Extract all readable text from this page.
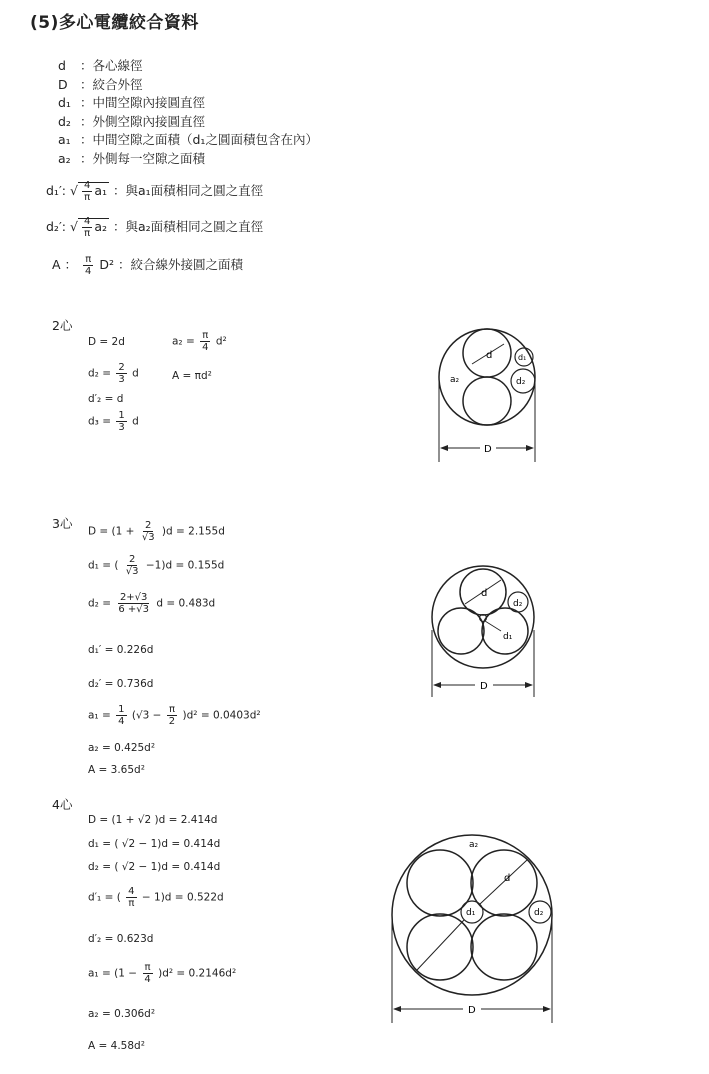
(5)多心電纜絞合資料
d ：各心線徑
D ：絞合外徑
d₁ ：中間空隙內接圓直徑
d₂ ：外側空隙內接圓直徑
a₁ ：中間空隙之面積（d₁之圓面積包含在內）
a₂ ：外側每一空隙之面積
d₁′: √ $\frac{4}{\pi} a_1$ ：與a₁面積相同之圓之直徑
d₂′: √ $\frac{4}{\pi} a_2$ ：與a₂面積相同之圓之直徑
A ： $\frac{\pi}{4} D^2$ ：絞合線外接圓之面積
2心
D = 2d	$a_2 = \frac{\pi}{4} d^2$
$d_2 = \frac{2}{3}$ d	A = πd²
d′₂ = d
$d_3 = \frac{1}{3}$ d
d	d₁
d₂
a₂
D
3心
$D = (1 + \frac{2}{√3} )d = 2.155d$
d₁ = ( $\frac{2}{√3} -1)d = 0.155d$
$d_2 = \frac{2+√3}{6 +√3}$ d = 0.483d
d₁′ = 0.226d
d₂′ = 0.736d
$a_1 = \frac{1}{4} (√3 - \frac{\pi}{2} )d^2 = 0.0403d^2$
a₂ = 0.425d²
A = 3.65d²
d
d₂
d₁
D
4心
D = (1 + √2 )d = 2.414d
d₁ = ( √2 − 1)d = 0.414d
d₂ = ( √2 − 1)d = 0.414d
d′₁ = ( $\frac{4}{\pi} - 1)d = 0.522d$
d′₂ = 0.623d
$a_1 = (1 - \frac{\pi}{4} )d^2 = 0.2146d^2$
a₂ = 0.306d²
A = 4.58d²
a₂
d
d₁	d₂
D
